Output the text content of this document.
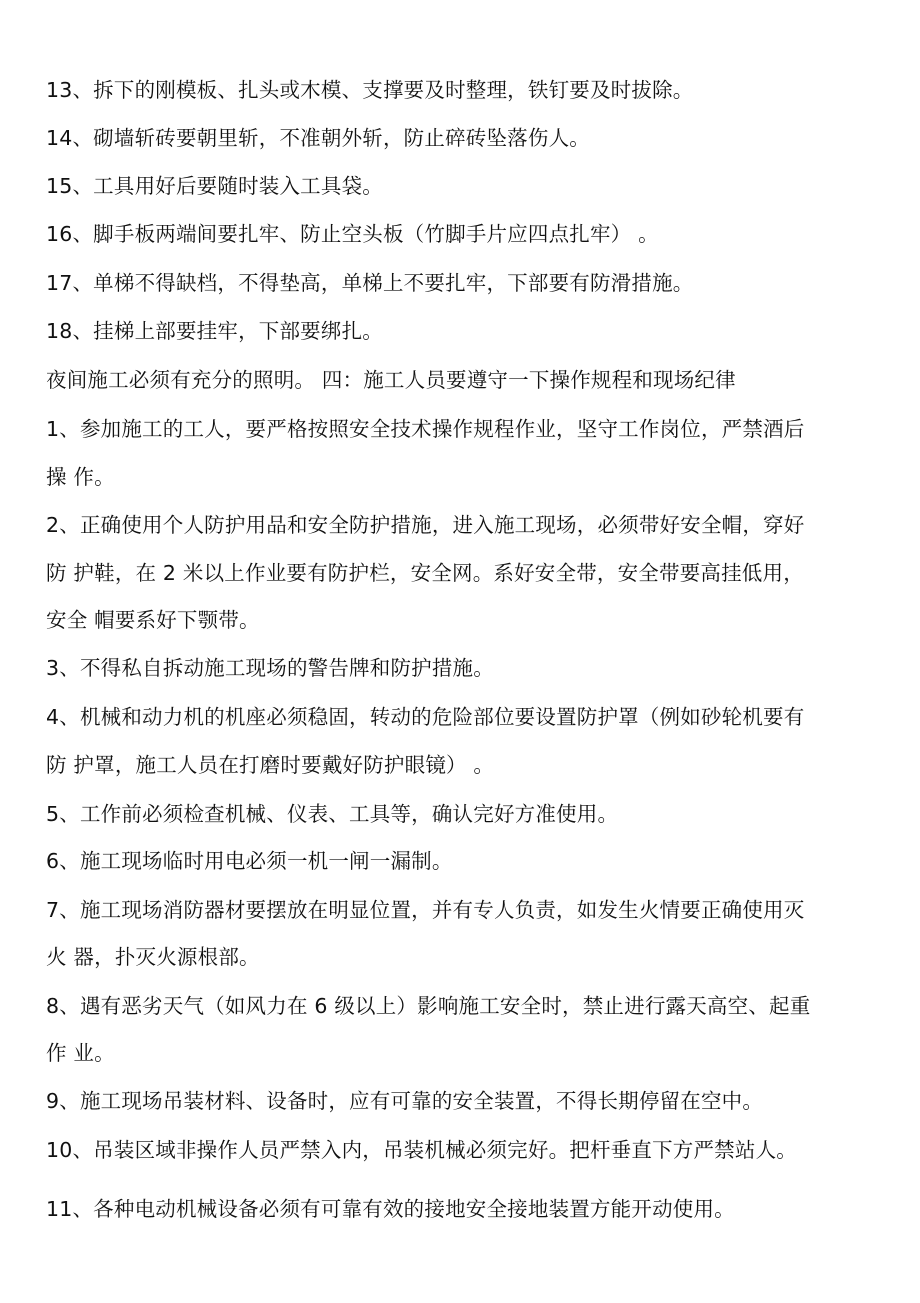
13、拆下的刚模板、扎头或木模、支撑要及时整理，铁钉要及时拔除。
14、砌墙斩砖要朝里斩，不准朝外斩，防止碎砖坠落伤人。
15、工具用好后要随时装入工具袋。
16、脚手板两端间要扎牢、防止空头板（竹脚手片应四点扎牢） 。
17、单梯不得缺档，不得垫高，单梯上不要扎牢，下部要有防滑措施。
18、挂梯上部要挂牢，下部要绑扎。
夜间施工必须有充分的照明。 四：施工人员要遵守一下操作规程和现场纪律
1、参加施工的工人，要严格按照安全技术操作规程作业，坚守工作岗位，严禁酒后
操 作。
2、正确使用个人防护用品和安全防护措施，进入施工现场，必须带好安全帽，穿好
防 护鞋，在 2 米以上作业要有防护栏，安全网。系好安全带，安全带要高挂低用，
安全 帽要系好下颚带。
3、不得私自拆动施工现场的警告牌和防护措施。
4、机械和动力机的机座必须稳固，转动的危险部位要设置防护罩（例如砂轮机要有
防 护罩，施工人员在打磨时要戴好防护眼镜） 。
5、工作前必须检查机械、仪表、工具等，确认完好方准使用。
6、施工现场临时用电必须一机一闸一漏制。
7、施工现场消防器材要摆放在明显位置，并有专人负责，如发生火情要正确使用灭
火 器，扑灭火源根部。
8、遇有恶劣天气（如风力在 6 级以上）影响施工安全时，禁止进行露天高空、起重
作 业。
9、施工现场吊装材料、设备时，应有可靠的安全装置，不得长期停留在空中。
10、吊装区域非操作人员严禁入内，吊装机械必须完好。把杆垂直下方严禁站人。
11、各种电动机械设备必须有可靠有效的接地安全接地装置方能开动使用。
